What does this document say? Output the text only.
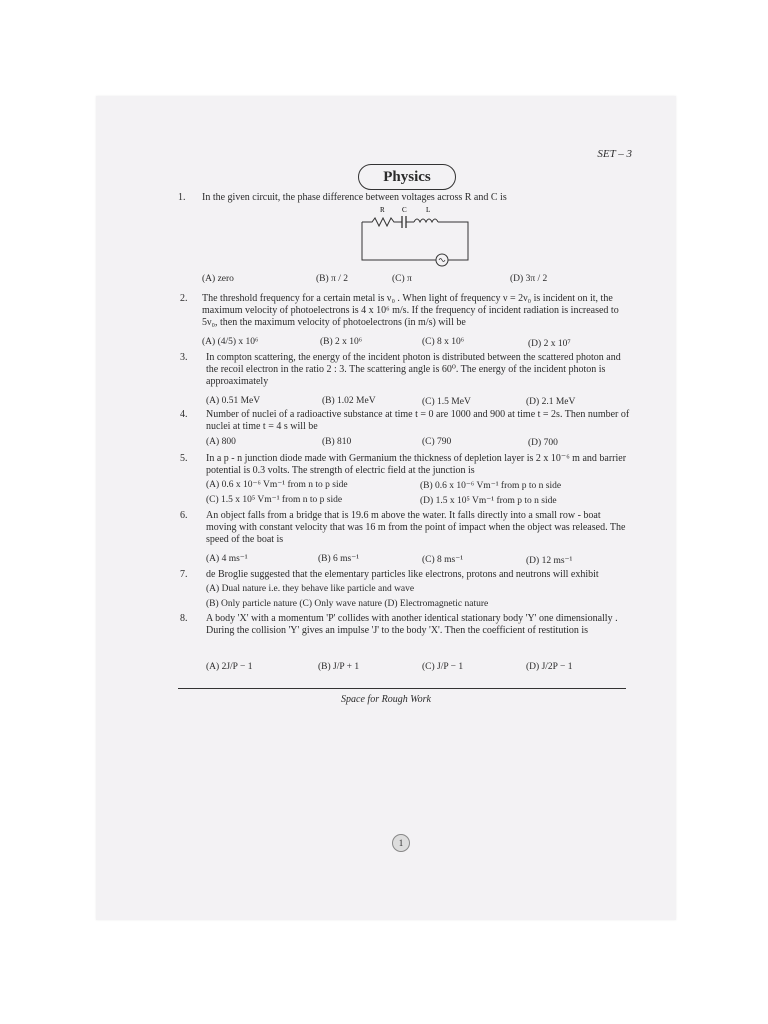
SET – 3
Physics
1. In the given circuit, the phase difference between voltages across R and C is
R C	L
(A) zero	(B) π / 2	(C) π	(D) 3π / 2
2. The threshold frequency for a certain metal is ν₀ . When light of frequency ν = 2ν₀ is incident on it, the maximum velocity of photoelectrons is 4 x 10⁶ m/s. If the frequency of incident radiation is increased to 5ν₀, then the maximum velocity of photoelectrons (in m/s) will be
(A) (4/5) x 10⁶	(B) 2 x 10⁶	(C) 8 x 10⁶	(D) 2 x 10⁷
3. In compton scattering, the energy of the incident photon is distributed between the scattered photon and the recoil electron in the ratio 2 : 3. The scattering angle is 60⁰. The energy of the incident photon is approaximately
(A) 0.51 MeV	(B) 1.02 MeV	(C) 1.5 MeV	(D) 2.1 MeV
4. Number of nuclei of a radioactive substance at time t = 0 are 1000 and 900 at time t = 2s. Then number of nuclei at time t = 4 s will be
(A) 800	(B) 810	(C) 790	(D) 700
5. In a p - n junction diode made with Germanium the thickness of depletion layer is 2 x 10⁻⁶ m and barrier potential is 0.3 volts. The strength of electric field at the junction is
(A) 0.6 x 10⁻⁶ Vm⁻¹ from n to p side	(B) 0.6 x 10⁻⁶ Vm⁻¹ from p to n side
(C) 1.5 x 10⁵ Vm⁻¹ from n to p side	(D) 1.5 x 10⁵ Vm⁻¹ from p to n side
6. An object falls from a bridge that is 19.6 m above the water. It falls directly into a small row - boat moving with constant velocity that was 16 m from the point of impact when the object was released. The speed of the boat is
(A) 4 ms⁻¹	(B) 6 ms⁻¹	(C) 8 ms⁻¹	(D) 12 ms⁻¹
7. de Broglie suggested that the elementary particles like electrons, protons and neutrons will exhibit
(A) Dual nature i.e. they behave like particle and wave
(B) Only particle nature (C) Only wave nature (D) Electromagnetic nature
8. A body 'X' with a momentum 'P' collides with another identical stationary body 'Y' one dimensionally . During the collision 'Y' gives an impulse 'J' to the body 'X'. Then the coefficient of restitution is
(A) 2J/P − 1	(B) J/P + 1	(C) J/P − 1	(D) J/2P − 1
Space for Rough Work
1
